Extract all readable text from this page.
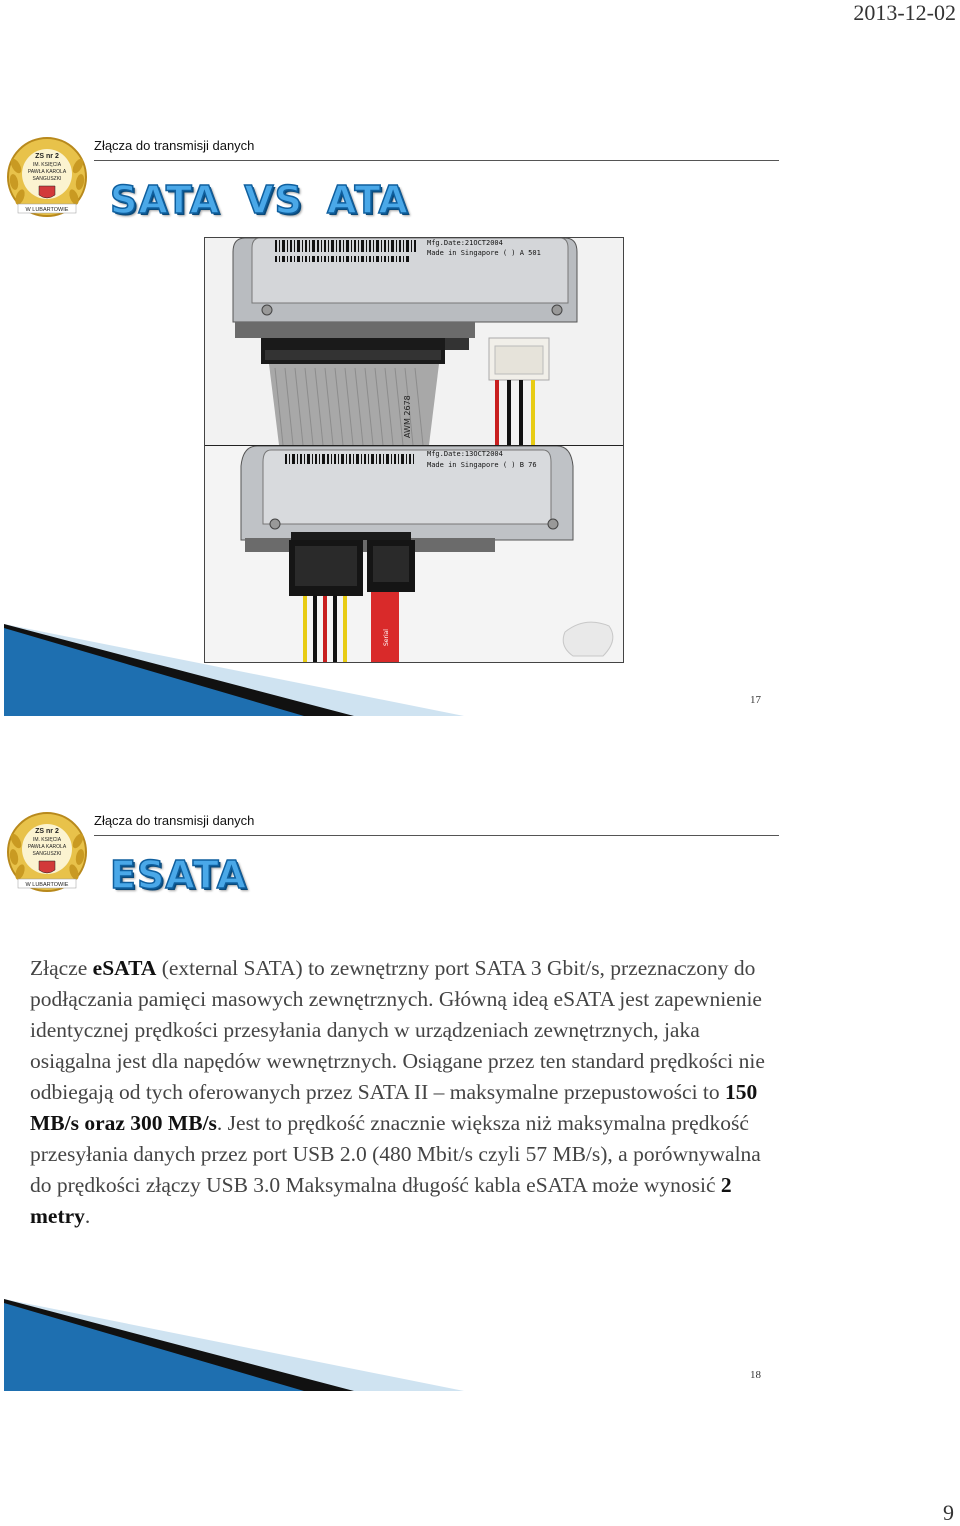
2013-12-02
ZS nr 2
IM. KSIĘCIA
PAWŁA KAROLA
SANGUSZKI
W LUBARTOWIE
Złącza do transmisji danych
SATA VS ATA
Mfg.Date:21OCT2004
Made in Singapore ( ) A 501
AWM 2678
Mfg.Date:13OCT2004
Made in Singapore ( ) B 76
Serial
17
ZS nr 2
IM. KSIĘCIA
PAWŁA KAROLA
SANGUSZKI
W LUBARTOWIE
Złącza do transmisji danych
ESATA
Złącze eSATA (external SATA) to zewnętrzny port SATA 3 Gbit/s, przeznaczony do podłączania pamięci masowych zewnętrznych. Główną ideą eSATA jest zapewnienie identycznej prędkości przesyłania danych w urządzeniach zewnętrznych, jaka osiągalna jest dla napędów wewnętrznych. Osiągane przez ten standard prędkości nie odbiegają od tych oferowanych przez SATA II – maksymalne przepustowości to 150 MB/s oraz 300 MB/s. Jest to prędkość znacznie większa niż maksymalna prędkość przesyłania danych przez port USB 2.0 (480 Mbit/s czyli 57 MB/s), a porównywalna do prędkości złączy USB 3.0 Maksymalna długość kabla eSATA może wynosić 2 metry.
18
9
